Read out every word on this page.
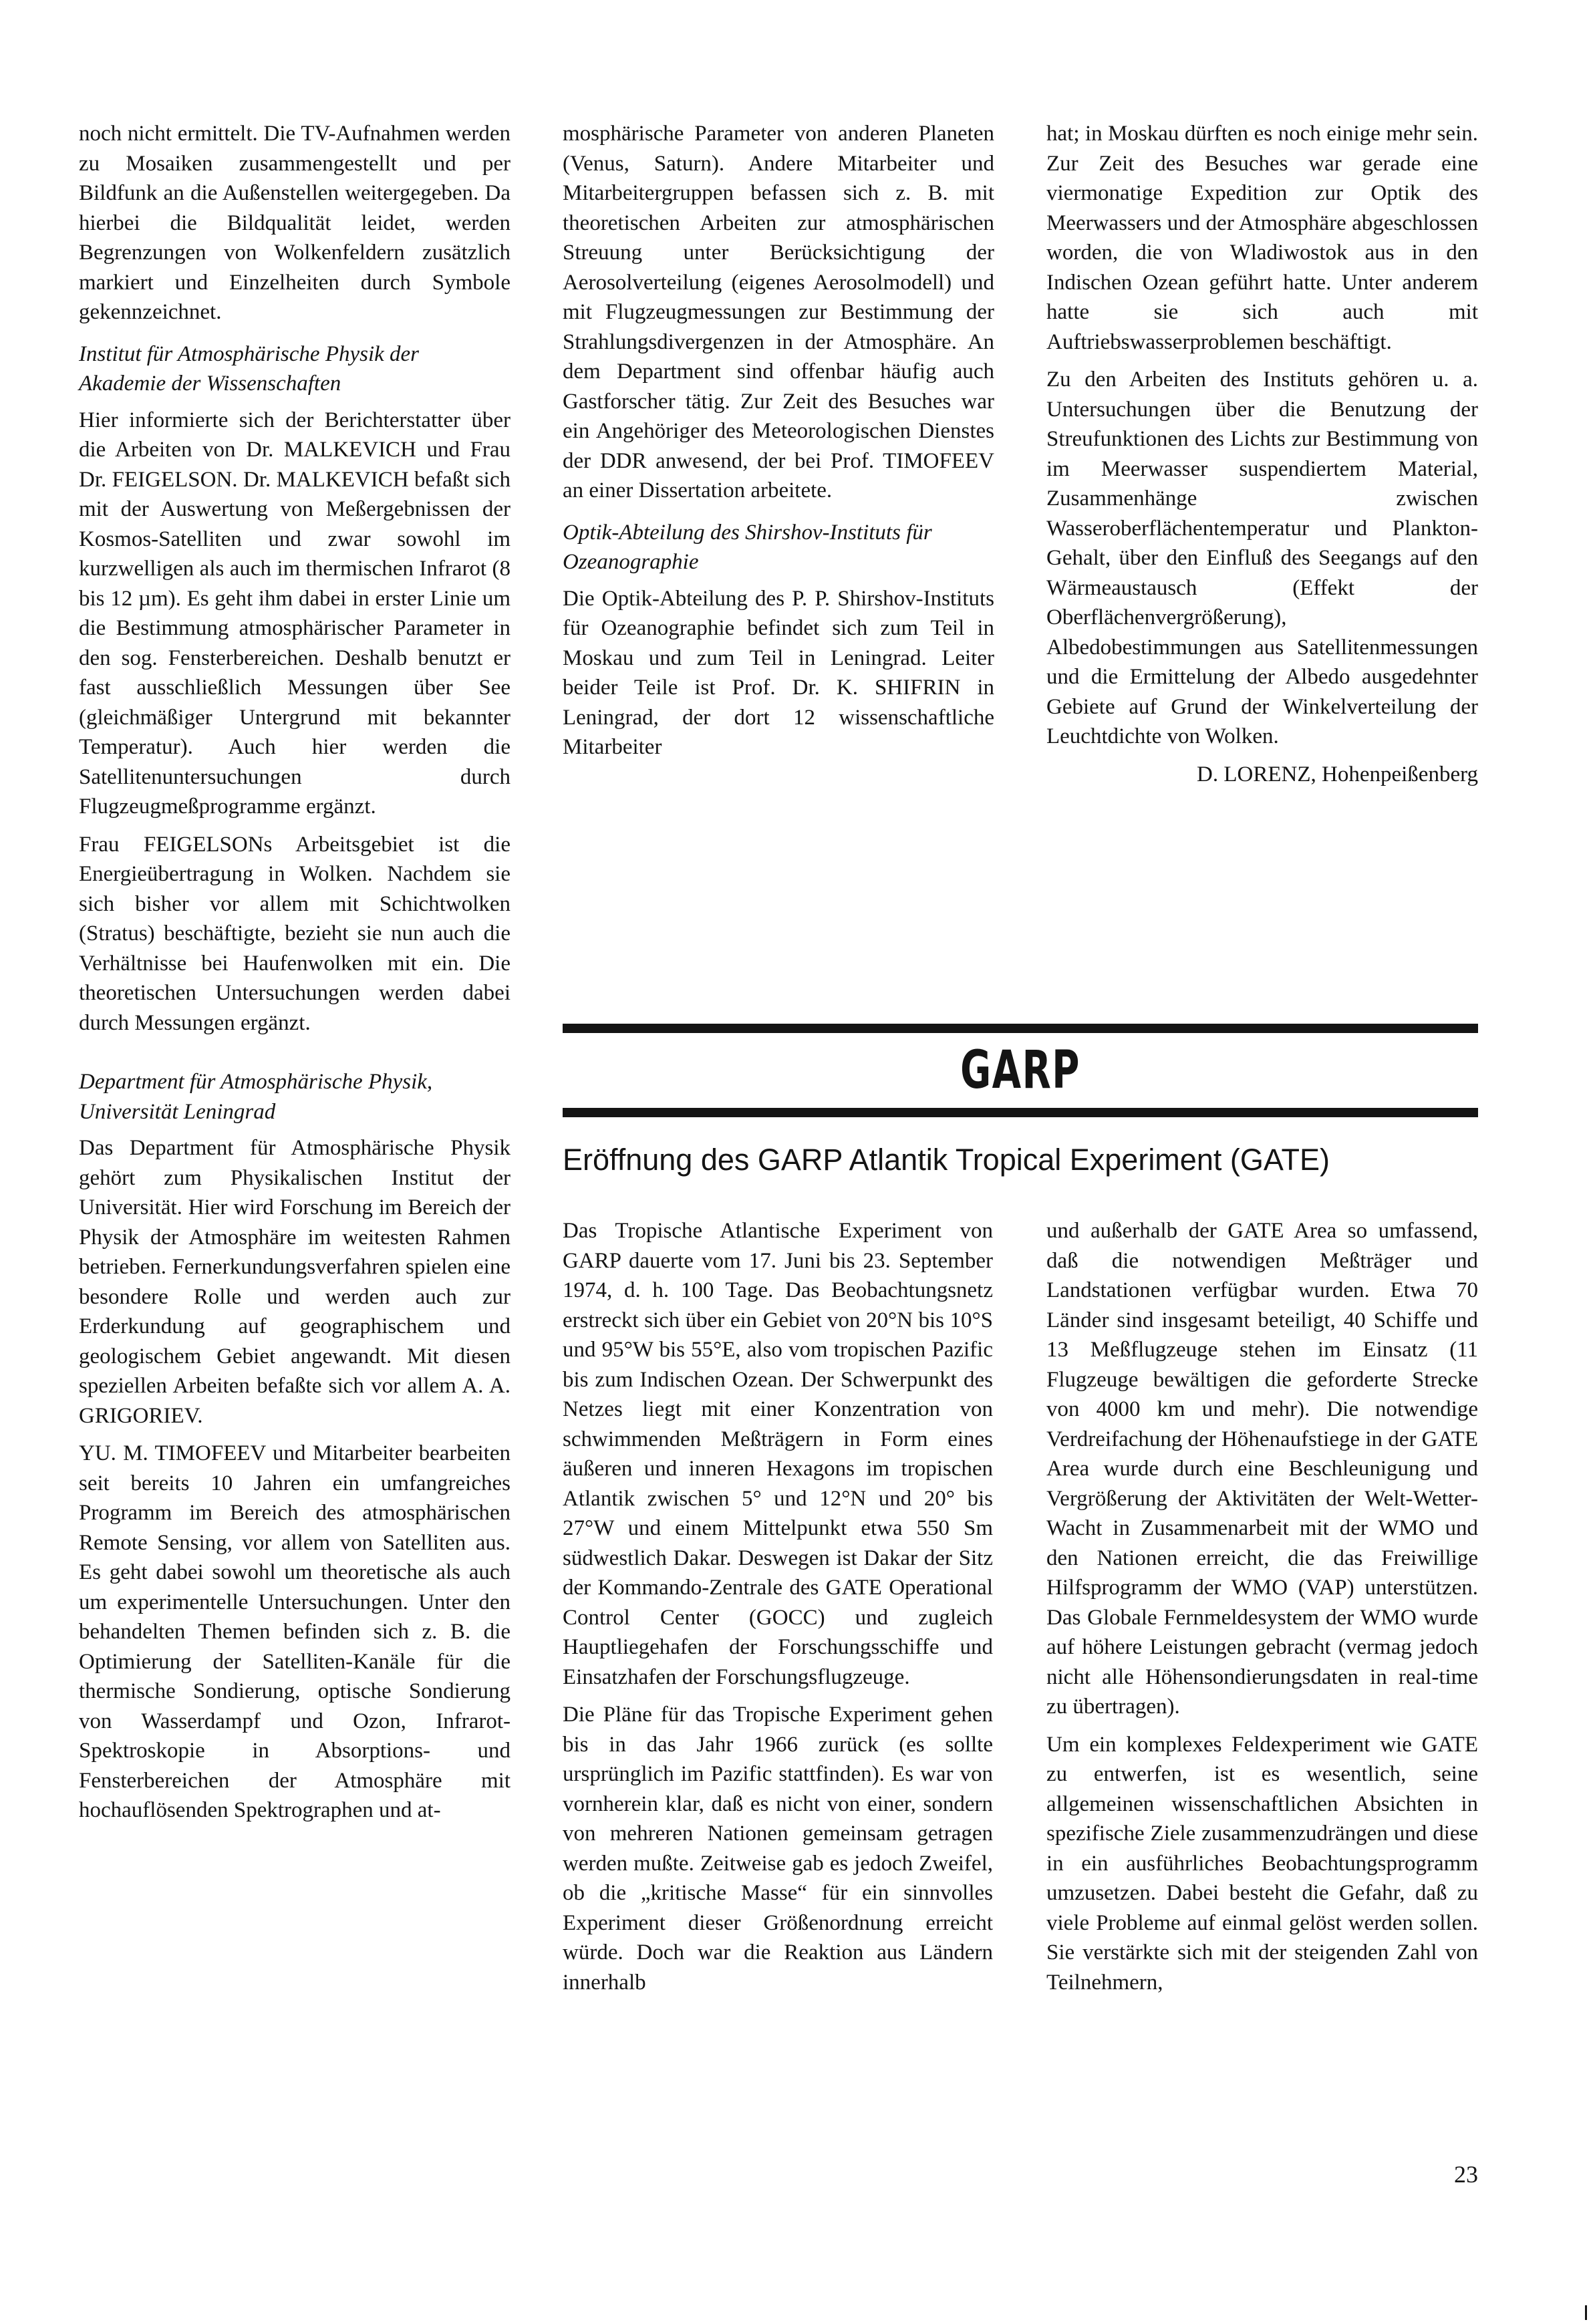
noch nicht ermittelt. Die TV-Aufnahmen werden zu Mosaiken zusammengestellt und per Bildfunk an die Außenstellen weitergegeben. Da hierbei die Bildqualität leidet, werden Begrenzungen von Wolkenfeldern zusätzlich markiert und Einzelheiten durch Symbole gekennzeichnet.

Institut für Atmosphärische Physik der Akademie der Wissenschaften

Hier informierte sich der Berichterstatter über die Arbeiten von Dr. MALKEVICH und Frau Dr. FEIGELSON. Dr. MALKEVICH befaßt sich mit der Auswertung von Meßergebnissen der Kosmos-Satelliten und zwar sowohl im kurzwelligen als auch im thermischen Infrarot (8 bis 12 µm). Es geht ihm dabei in erster Linie um die Bestimmung atmosphärischer Parameter in den sog. Fensterbereichen. Deshalb benutzt er fast ausschließlich Messungen über See (gleichmäßiger Untergrund mit bekannter Temperatur). Auch hier werden die Satellitenuntersuchungen durch Flugzeugmeßprogramme ergänzt.

Frau FEIGELSONs Arbeitsgebiet ist die Energieübertragung in Wolken. Nachdem sie sich bisher vor allem mit Schichtwolken (Stratus) beschäftigte, bezieht sie nun auch die Verhältnisse bei Haufenwolken mit ein. Die theoretischen Untersuchungen werden dabei durch Messungen ergänzt.

Department für Atmosphärische Physik, Universität Leningrad

Das Department für Atmosphärische Physik gehört zum Physikalischen Institut der Universität. Hier wird Forschung im Bereich der Physik der Atmosphäre im weitesten Rahmen betrieben. Fernerkundungsverfahren spielen eine besondere Rolle und werden auch zur Erderkundung auf geographischem und geologischem Gebiet angewandt. Mit diesen speziellen Arbeiten befaßte sich vor allem A. A. GRIGORIEV.

YU. M. TIMOFEEV und Mitarbeiter bearbeiten seit bereits 10 Jahren ein umfangreiches Programm im Bereich des atmosphärischen Remote Sensing, vor allem von Satelliten aus. Es geht dabei sowohl um theoretische als auch um experimentelle Untersuchungen. Unter den behandelten Themen befinden sich z. B. die Optimierung der Satelliten-Kanäle für die thermische Sondierung, optische Sondierung von Wasserdampf und Ozon, Infrarot-Spektroskopie in Absorptions- und Fensterbereichen der Atmosphäre mit hochauflösenden Spektrographen und at-

mosphärische Parameter von anderen Planeten (Venus, Saturn). Andere Mitarbeiter und Mitarbeitergruppen befassen sich z. B. mit theoretischen Arbeiten zur atmosphärischen Streuung unter Berücksichtigung der Aerosolverteilung (eigenes Aerosolmodell) und mit Flugzeugmessungen zur Bestimmung der Strahlungsdivergenzen in der Atmosphäre. An dem Department sind offenbar häufig auch Gastforscher tätig. Zur Zeit des Besuches war ein Angehöriger des Meteorologischen Dienstes der DDR anwesend, der bei Prof. TIMOFEEV an einer Dissertation arbeitete.

Optik-Abteilung des Shirshov-Instituts für Ozeanographie

Die Optik-Abteilung des P. P. Shirshov-Instituts für Ozeanographie befindet sich zum Teil in Moskau und zum Teil in Leningrad. Leiter beider Teile ist Prof. Dr. K. SHIFRIN in Leningrad, der dort 12 wissenschaftliche Mitarbeiter

hat; in Moskau dürften es noch einige mehr sein. Zur Zeit des Besuches war gerade eine viermonatige Expedition zur Optik des Meerwassers und der Atmosphäre abgeschlossen worden, die von Wladiwostok aus in den Indischen Ozean geführt hatte. Unter anderem hatte sie sich auch mit Auftriebswasserproblemen beschäftigt.

Zu den Arbeiten des Instituts gehören u. a. Untersuchungen über die Benutzung der Streufunktionen des Lichts zur Bestimmung von im Meerwasser suspendiertem Material, Zusammenhänge zwischen Wasseroberflächentemperatur und Plankton-Gehalt, über den Einfluß des Seegangs auf den Wärmeaustausch (Effekt der Oberflächenvergrößerung), Albedobestimmungen aus Satellitenmessungen und die Ermittelung der Albedo ausgedehnter Gebiete auf Grund der Winkelverteilung der Leuchtdichte von Wolken.

D. LORENZ, Hohenpeißenberg

GARP
Eröffnung des GARP Atlantik Tropical Experiment (GATE)

Das Tropische Atlantische Experiment von GARP dauerte vom 17. Juni bis 23. September 1974, d. h. 100 Tage. Das Beobachtungsnetz erstreckt sich über ein Gebiet von 20°N bis 10°S und 95°W bis 55°E, also vom tropischen Pazific bis zum Indischen Ozean. Der Schwerpunkt des Netzes liegt mit einer Konzentration von schwimmenden Meßträgern in Form eines äußeren und inneren Hexagons im tropischen Atlantik zwischen 5° und 12°N und 20° bis 27°W und einem Mittelpunkt etwa 550 Sm südwestlich Dakar. Deswegen ist Dakar der Sitz der Kommando-Zentrale des GATE Operational Control Center (GOCC) und zugleich Hauptliegehafen der Forschungsschiffe und Einsatzhafen der Forschungsflugzeuge.

Die Pläne für das Tropische Experiment gehen bis in das Jahr 1966 zurück (es sollte ursprünglich im Pazific stattfinden). Es war von vornherein klar, daß es nicht von einer, sondern von mehreren Nationen gemeinsam getragen werden mußte. Zeitweise gab es jedoch Zweifel, ob die „kritische Masse“ für ein sinnvolles Experiment dieser Größenordnung erreicht würde. Doch war die Reaktion aus Ländern innerhalb

und außerhalb der GATE Area so umfassend, daß die notwendigen Meßträger und Landstationen verfügbar wurden. Etwa 70 Länder sind insgesamt beteiligt, 40 Schiffe und 13 Meßflugzeuge stehen im Einsatz (11 Flugzeuge bewältigen die geforderte Strecke von 4000 km und mehr). Die notwendige Verdreifachung der Höhenaufstiege in der GATE Area wurde durch eine Beschleunigung und Vergrößerung der Aktivitäten der Welt-Wetter-Wacht in Zusammenarbeit mit der WMO und den Nationen erreicht, die das Freiwillige Hilfsprogramm der WMO (VAP) unterstützen. Das Globale Fernmeldesystem der WMO wurde auf höhere Leistungen gebracht (vermag jedoch nicht alle Höhensondierungsdaten in real-time zu übertragen).

Um ein komplexes Feldexperiment wie GATE zu entwerfen, ist es wesentlich, seine allgemeinen wissenschaftlichen Absichten in spezifische Ziele zusammenzudrängen und diese in ein ausführliches Beobachtungsprogramm umzusetzen. Dabei besteht die Gefahr, daß zu viele Probleme auf einmal gelöst werden sollen. Sie verstärkte sich mit der steigenden Zahl von Teilnehmern,

23
